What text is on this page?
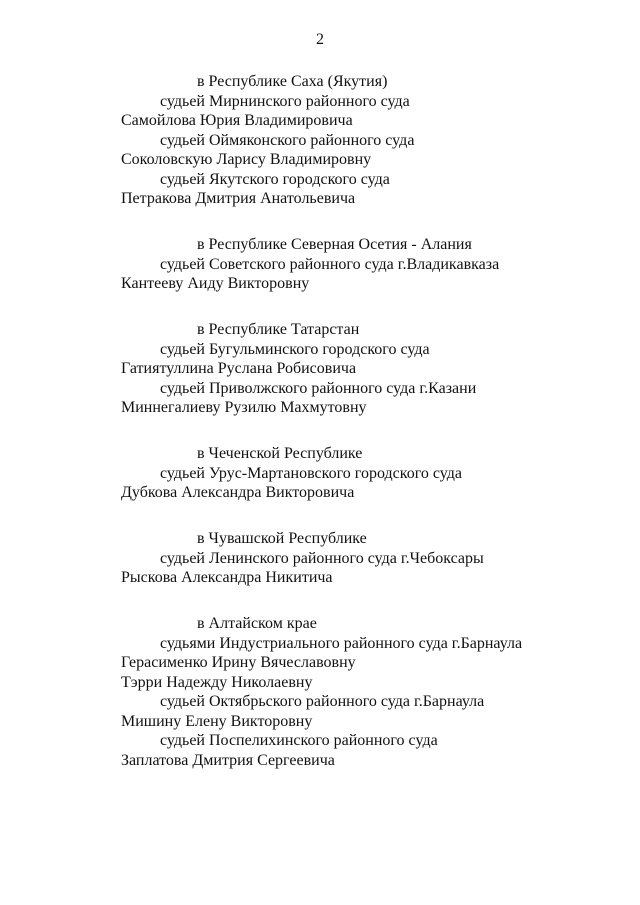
2
в Республике Саха (Якутия)
судьей Мирнинского районного суда
Самойлова Юрия Владимировича
судьей Оймяконского районного суда
Соколовскую Ларису Владимировну
судьей Якутского городского суда
Петракова Дмитрия Анатольевича
в Республике Северная Осетия - Алания
судьей Советского районного суда г.Владикавказа
Кантееву Аиду Викторовну
в Республике Татарстан
судьей Бугульминского городского суда
Гатиятуллина Руслана Робисовича
судьей Приволжского районного суда г.Казани
Миннегалиеву Рузилю Махмутовну
в Чеченской Республике
судьей Урус-Мартановского городского суда
Дубкова Александра Викторовича
в Чувашской Республике
судьей Ленинского районного суда г.Чебоксары
Рыскова Александра Никитича
в Алтайском крае
судьями Индустриального районного суда г.Барнаула
Герасименко Ирину Вячеславовну
Тэрри Надежду Николаевну
судьей Октябрьского районного суда г.Барнаула
Мишину Елену Викторовну
судьей Поспелихинского районного суда
Заплатова Дмитрия Сергеевича
